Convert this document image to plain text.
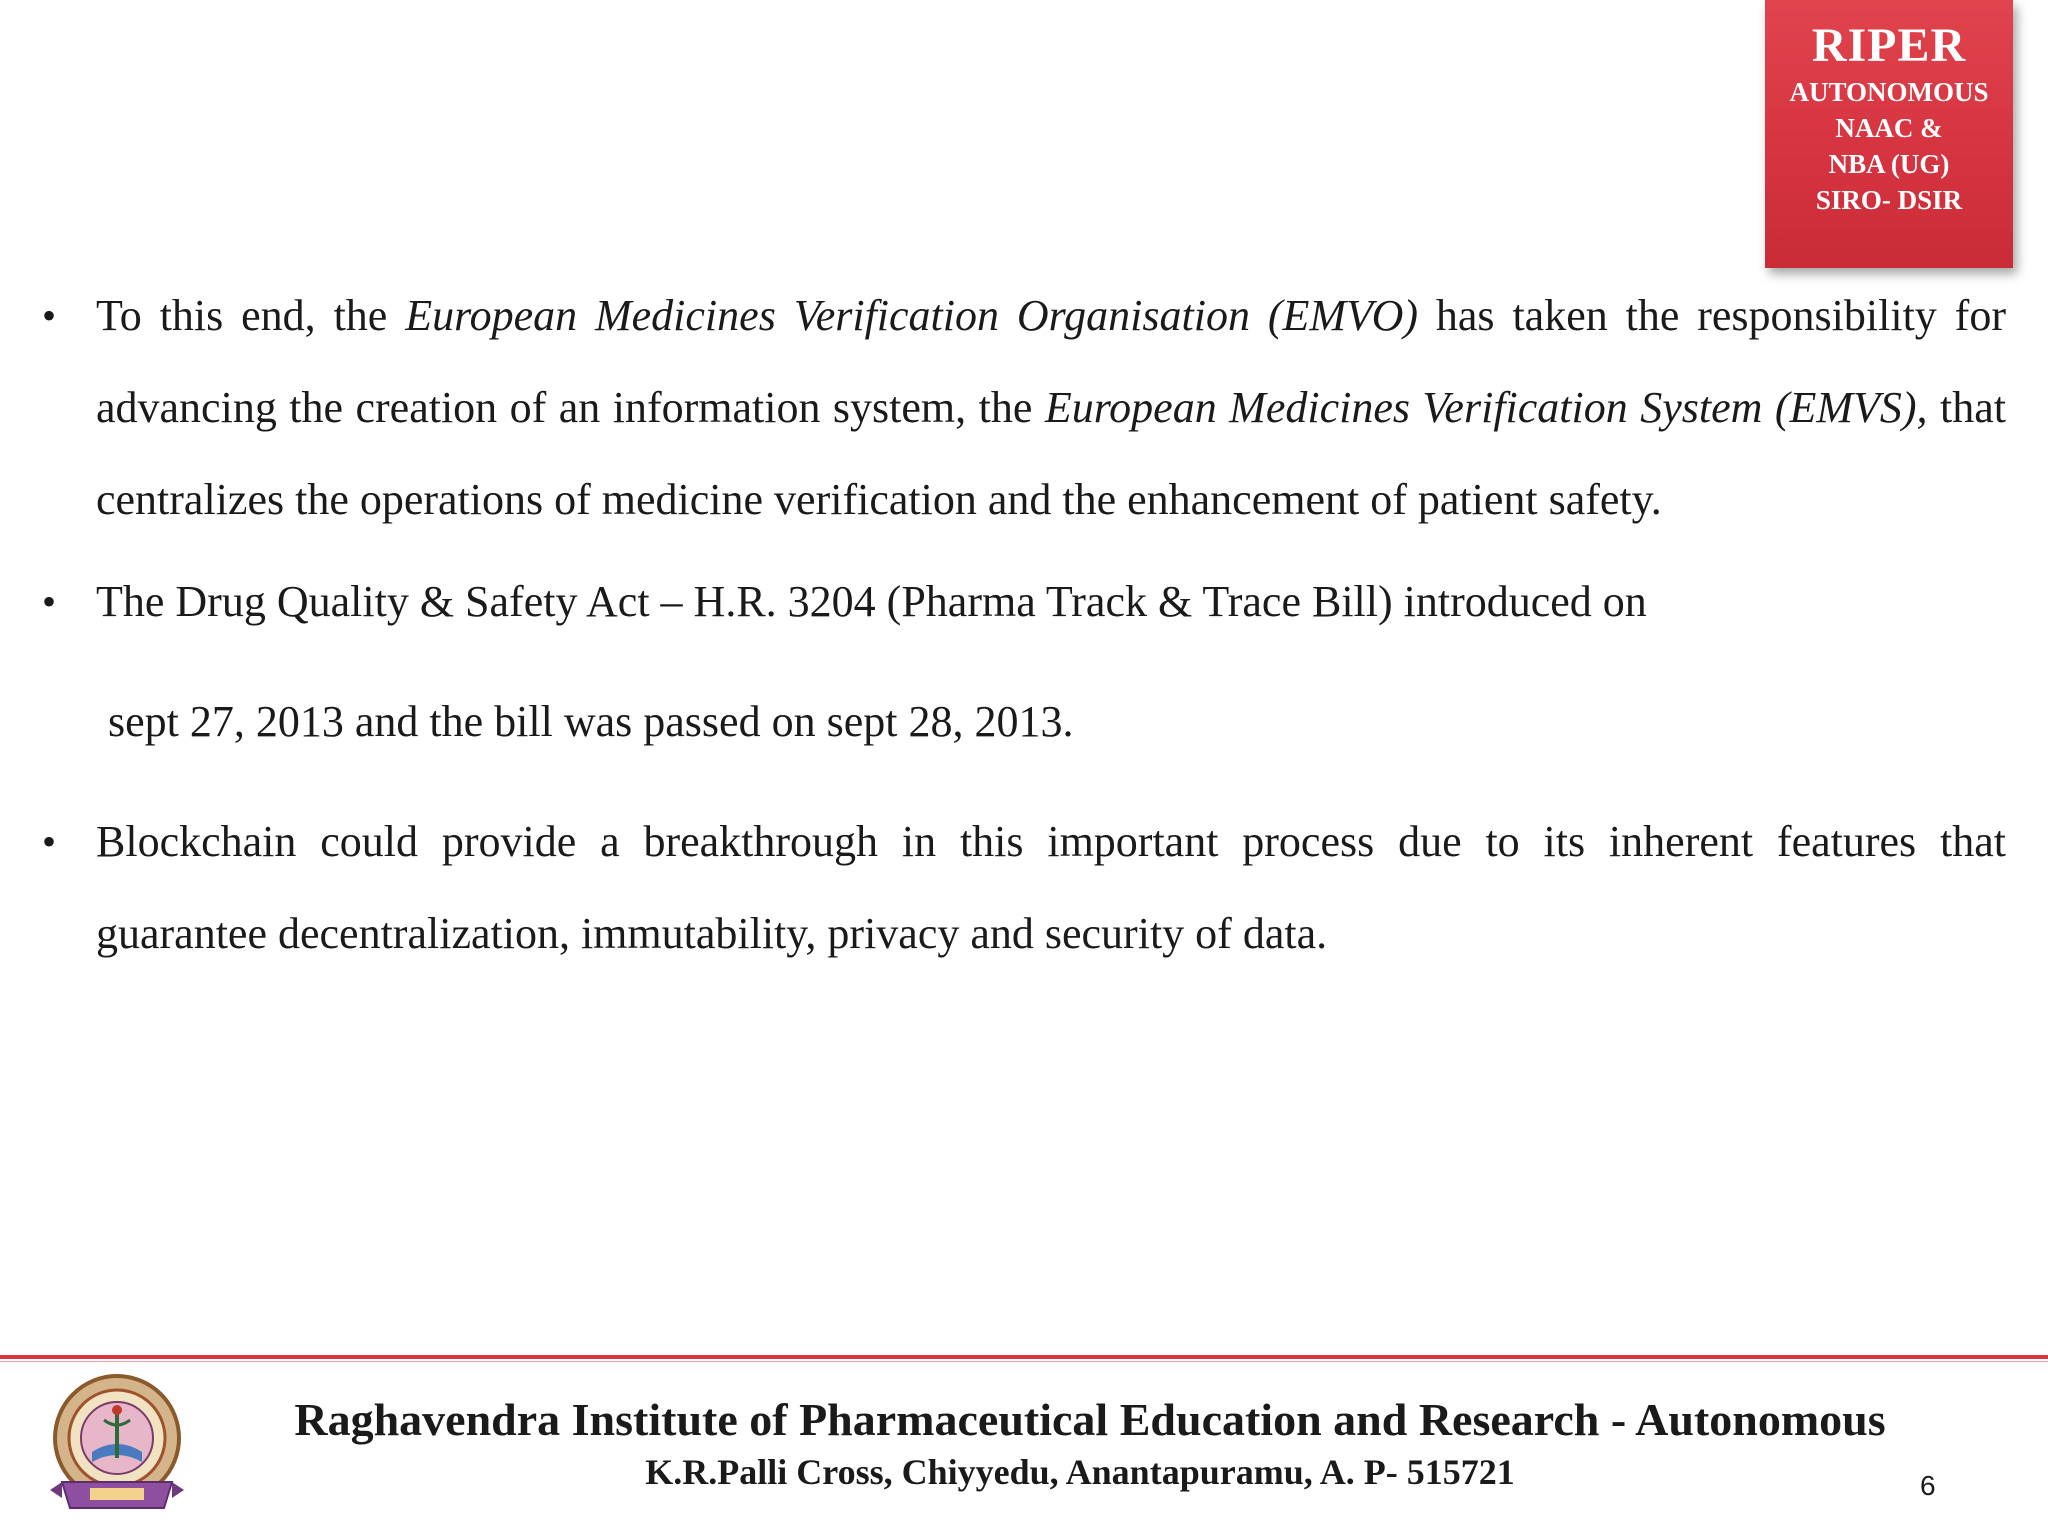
RIPER
AUTONOMOUS
NAAC &
NBA (UG)
SIRO- DSIR
• To this end, the European Medicines Verification Organisation (EMVO) has taken the responsibility for advancing the creation of an information system, the European Medicines Verification System (EMVS), that centralizes the operations of medicine verification and the enhancement of patient safety.

• The Drug Quality & Safety Act – H.R. 3204 (Pharma Track & Trace Bill) introduced on
sept 27, 2013 and the bill was passed on sept 28, 2013.

• Blockchain could provide a breakthrough in this important process due to its inherent features that guarantee decentralization, immutability, privacy and security of data.

Raghavendra Institute of Pharmaceutical Education and Research - Autonomous
K.R.Palli Cross, Chiyyedu, Anantapuramu, A. P- 515721	6
